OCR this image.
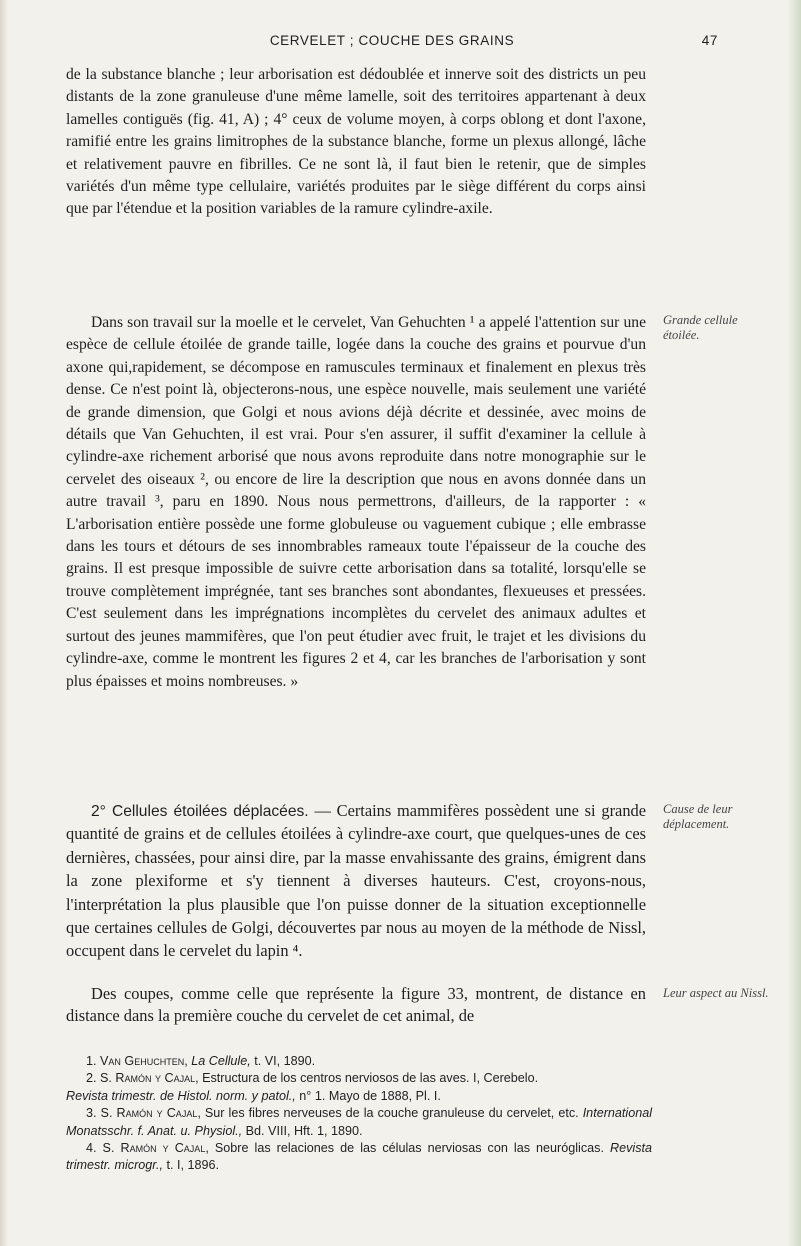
CERVELET ; COUCHE DES GRAINS	47

de la substance blanche ; leur arborisation est dédoublée et innerve soit des districts un peu distants de la zone granuleuse d'une même lamelle, soit des territoires appartenant à deux lamelles contiguës (fig. 41, A) ; 4° ceux de volume moyen, à corps oblong et dont l'axone, ramifié entre les grains limitrophes de la substance blanche, forme un plexus allongé, lâche et relativement pauvre en fibrilles. Ce ne sont là, il faut bien le retenir, que de simples variétés d'un même type cellulaire, variétés produites par le siège différent du corps ainsi que par l'étendue et la position variables de la ramure cylindre-axile.

Dans son travail sur la moelle et le cervelet, Van Gehuchten ¹ a appelé l'attention sur une espèce de cellule étoilée de grande taille, logée dans la couche des grains et pourvue d'un axone qui,rapidement, se décompose en ramuscules terminaux et finalement en plexus très dense. Ce n'est point là, objecterons-nous, une espèce nouvelle, mais seulement une variété de grande dimension, que Golgi et nous avions déjà décrite et dessinée, avec moins de détails que Van Gehuchten, il est vrai. Pour s'en assurer, il suffit d'examiner la cellule à cylindre-axe richement arborisé que nous avons reproduite dans notre monographie sur le cervelet des oiseaux ², ou encore de lire la description que nous en avons donnée dans un autre travail ³, paru en 1890. Nous nous permettrons, d'ailleurs, de la rapporter : « L'arborisation entière possède une forme globuleuse ou vaguement cubique ; elle embrasse dans les tours et détours de ses innombrables rameaux toute l'épaisseur de la couche des grains. Il est presque impossible de suivre cette arborisation dans sa totalité, lorsqu'elle se trouve complètement imprégnée, tant ses branches sont abondantes, flexueuses et pressées. C'est seulement dans les imprégnations incomplètes du cervelet des animaux adultes et surtout des jeunes mammifères, que l'on peut étudier avec fruit, le trajet et les divisions du cylindre-axe, comme le montrent les figures 2 et 4, car les branches de l'arborisation y sont plus épaisses et moins nombreuses. »

2° Cellules étoilées déplacées. — Certains mammifères possèdent une si grande quantité de grains et de cellules étoilées à cylindre-axe court, que quelques-unes de ces dernières, chassées, pour ainsi dire, par la masse envahissante des grains, émigrent dans la zone plexiforme et s'y tiennent à diverses hauteurs. C'est, croyons-nous, l'interprétation la plus plausible que l'on puisse donner de la situation exceptionnelle que certaines cellules de Golgi, découvertes par nous au moyen de la méthode de Nissl, occupent dans le cervelet du lapin ⁴.

Des coupes, comme celle que représente la figure 33, montrent, de distance en distance dans la première couche du cervelet de cet animal, de

Grande cellule étoilée.
Cause de leur déplacement.
Leur aspect au Nissl.
1. Van Gehuchten, La Cellule, t. VI, 1890.
2. S. Ramón y Cajal, Estructura de los centros nerviosos de las aves. I, Cerebelo.
Revista trimestr. de Histol. norm. y patol., n° 1. Mayo de 1888, Pl. I.
3. S. Ramón y Cajal, Sur les fibres nerveuses de la couche granuleuse du cervelet, etc. International Monatsschr. f. Anat. u. Physiol., Bd. VIII, Hft. 1, 1890.
4. S. Ramón y Cajal, Sobre las relaciones de las células nerviosas con las neuróglicas. Revista trimestr. microgr., t. I, 1896.
